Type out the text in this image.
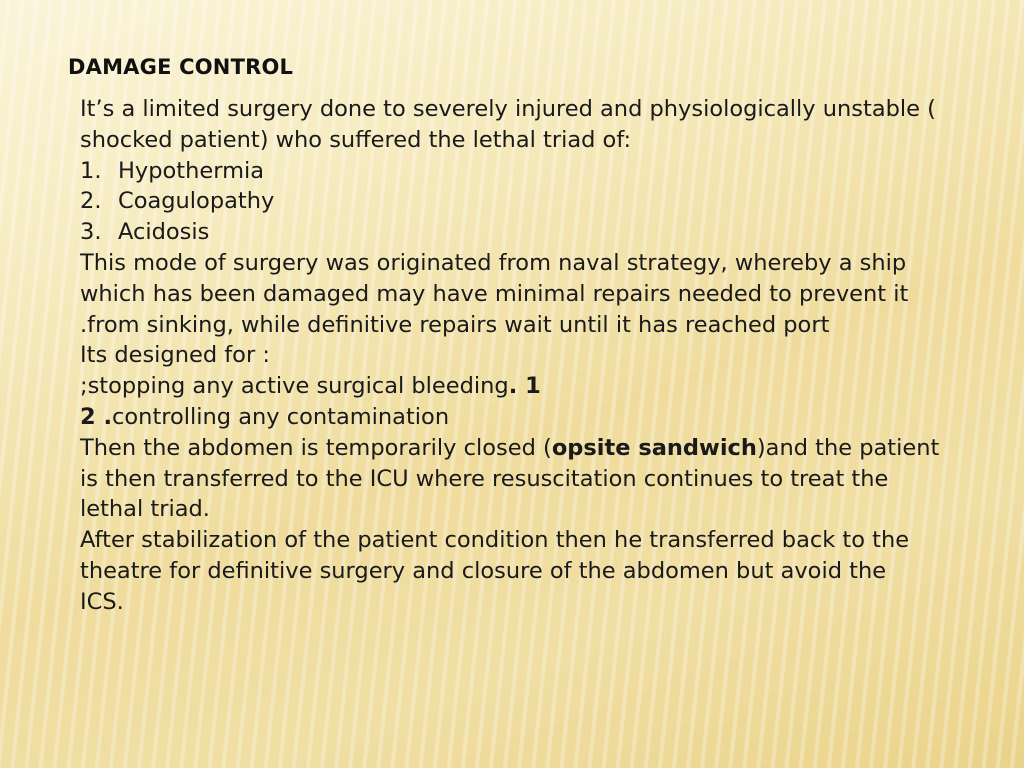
DAMAGE CONTROL
It’s a limited surgery done to severely injured and physiologically unstable (
shocked patient) who suffered the lethal triad of:
1. Hypothermia
2. Coagulopathy
3. Acidosis
This mode of surgery was originated from naval strategy, whereby a ship
which has been damaged may have minimal repairs needed to prevent it
.from sinking, while definitive repairs wait until it has reached port
Its designed for :
;stopping any active surgical bleeding. 1
2 .controlling any contamination
Then the abdomen is temporarily closed (opsite sandwich)and the patient
is then transferred to the ICU where resuscitation continues to treat the
lethal triad.
After stabilization of the patient condition then he transferred back to the
theatre for definitive surgery and closure of the abdomen but avoid the
ICS.
